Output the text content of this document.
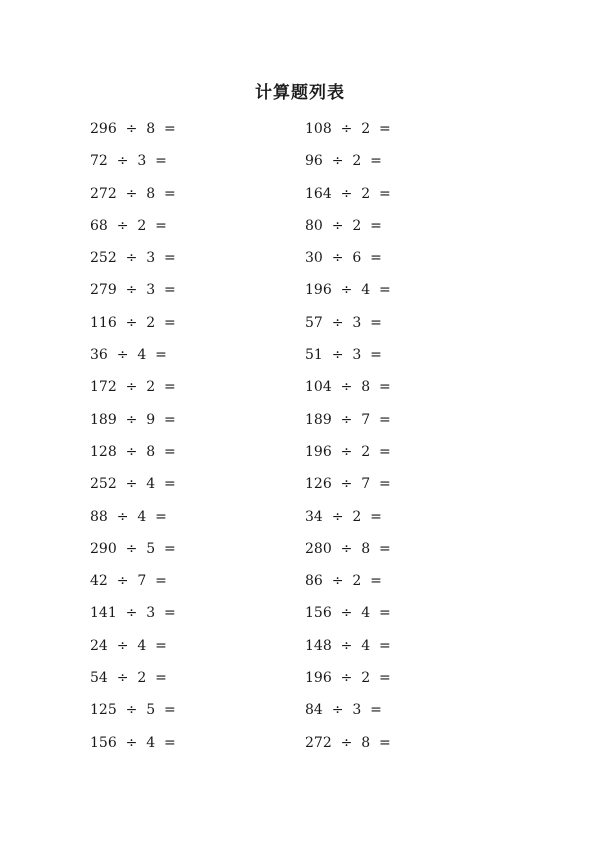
计算题列表
296  ÷  8  =
72  ÷  3  =
272  ÷  8  =
68  ÷  2  =
252  ÷  3  =
279  ÷  3  =
116  ÷  2  =
36  ÷  4  =
172  ÷  2  =
189  ÷  9  =
128  ÷  8  =
252  ÷  4  =
88  ÷  4  =
290  ÷  5  =
42  ÷  7  =
141  ÷  3  =
24  ÷  4  =
54  ÷  2  =
125  ÷  5  =
156  ÷  4  =
108  ÷  2  =
96  ÷  2  =
164  ÷  2  =
80  ÷  2  =
30  ÷  6  =
196  ÷  4  =
57  ÷  3  =
51  ÷  3  =
104  ÷  8  =
189  ÷  7  =
196  ÷  2  =
126  ÷  7  =
34  ÷  2  =
280  ÷  8  =
86  ÷  2  =
156  ÷  4  =
148  ÷  4  =
196  ÷  2  =
84  ÷  3  =
272  ÷  8  =
